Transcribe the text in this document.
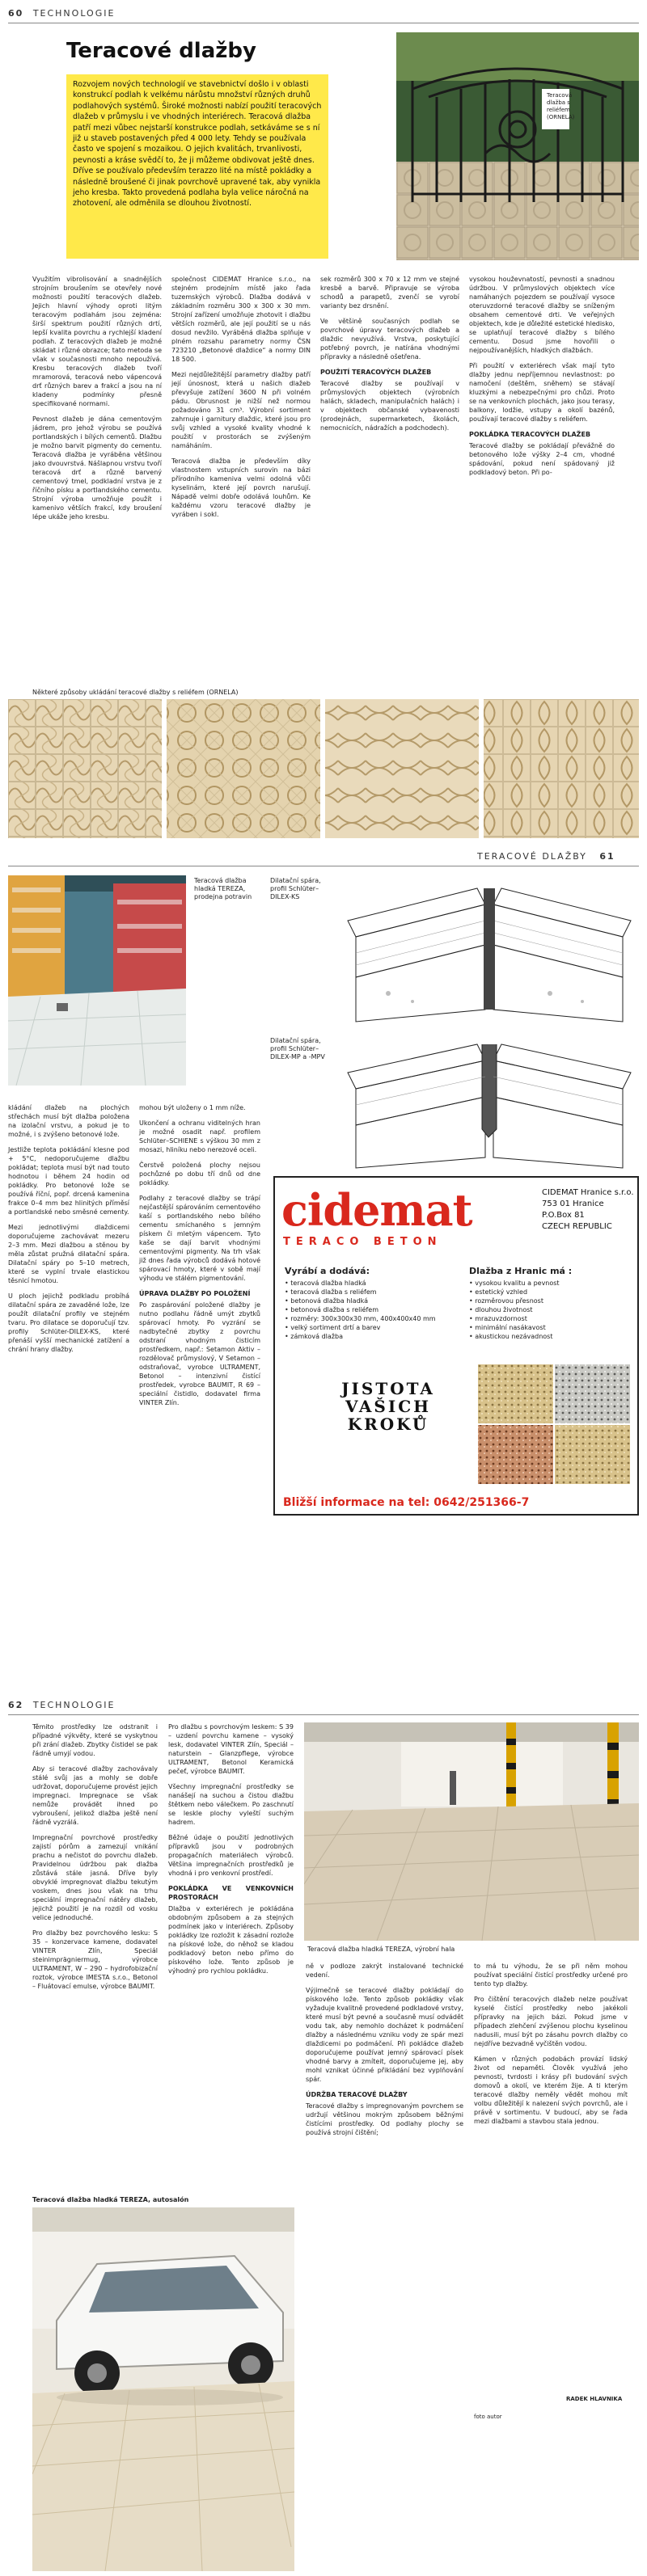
60 TECHNOLOGIE
Teracové dlažby
Rozvojem nových technologií ve stavebnictví došlo i v oblasti konstrukcí podlah k velkému nárůstu množství různých druhů podlahových systémů. Široké možnosti nabízí použití teracových dlažeb v průmyslu i ve vhodných interiérech. Teracová dlažba patří mezi vůbec nejstarší konstrukce podlah, setkáváme se s ní již u staveb postavených před 4 000 lety. Tehdy se používala často ve spojení s mozaikou. O jejich kvalitách, trvanlivosti, pevnosti a kráse svědčí to, že ji můžeme obdivovat ještě dnes. Dříve se používalo především terazzo lité na místě pokládky a následně broušené či jinak povrchově upravené tak, aby vynikla jeho kresba. Takto provedená podlaha byla velice náročná na zhotovení, ale odměnila se dlouhou životností.
Teracová dlažba s reliéfem (ORNELA)

Využitím vibrolisování a snadnějších strojním broušením se otevřely nové možnosti použití teracových dlažeb. Jejich hlavní výhody oproti litým teracovým podlahám jsou zejména: širší spektrum použití různých drtí, lepší kvalita povrchu a rychlejší kladení podlah. Z teracových dlažeb je možné skládat i různé obrazce; tato metoda se však v současnosti mnoho nepoužívá. Kresbu teracových dlažeb tvoří mramorová, teracová nebo vápencová drť různých barev a frakcí a jsou na ní kladeny podmínky přesně specifikované normami.

Pevnost dlažeb je dána cementovým jádrem, pro jehož výrobu se používá portlandských i bílých cementů. Dlažbu je možno barvit pigmenty do cementu. Teracová dlažba je vyráběna většinou jako dvouvrstvá. Nášlapnou vrstvu tvoří teracová drť a různě barvený cementový tmel, podkladní vrstva je z říčního písku a portlandského cementu. Strojní výroba umožňuje použít i kamenivo větších frakcí, kdy broušení lépe ukáže jeho kresbu.

společnost CIDEMAT Hranice s.r.o., na stejném prodejním místě jako řada tuzemských výrobců. Dlažba dodává v základním rozměru 300 x 300 x 30 mm. Strojní zařízení umožňuje zhotovit i dlažbu větších rozměrů, ale její použití se u nás dosud nevžilo. Vyráběná dlažba splňuje v plném rozsahu parametry normy ČSN 723210 „Betonové dlaždice“ a normy DIN 18 500.

Mezi nejdůležitější parametry dlažby patří její únosnost, která u našich dlažeb převyšuje zatížení 3600 N při volném pádu. Obrusnost je nižší než normou požadováno 31 cm³. Výrobní sortiment zahrnuje i garnitury dlaždic, které jsou pro svůj vzhled a vysoké kvality vhodné k použití v prostorách se zvýšeným namáháním.

Teracová dlažba je především díky vlastnostem vstupních surovin na bázi přírodního kameniva velmi odolná vůči kyselinám, které její povrch narušují. Nápadě velmi dobře odolává louhům. Ke každému vzoru teracové dlažby je vyráben i sokl.

sek rozměrů 300 x 70 x 12 mm ve stejné kresbě a barvě. Připravuje se výroba schodů a parapetů, zvenčí se vyrobí varianty bez drsnění.

Ve většině současných podlah se povrchové úpravy teracových dlažeb a dlaždic nevyužívá. Vrstva, poskytující potřebný povrch, je natírána vhodnými přípravky a následně ošetřena.

POUŽITÍ TERACOVÝCH DLAŽEB

Teracové dlažby se používají v průmyslových objektech (výrobních halách, skladech, manipulačních halách) i v objektech občanské vybavenosti (prodejnách, supermarketech, školách, nemocnicích, nádražích a podchodech).

vysokou houževnatostí, pevnosti a snadnou údržbou. V průmyslových objektech více namáhaných pojezdem se používají vysoce oteruvzdorné teracové dlažby se sníženým obsahem cementové drti. Ve veřejných objektech, kde je důležité estetické hledisko, se uplatňují teracové dlažby s bílého cementu. Dosud jsme hovořili o nejpoužívanějších, hladkých dlažbách.

Při použití v exteriérech však mají tyto dlažby jednu nepříjemnou nevlastnost: po namočení (deštěm, sněhem) se stávají kluzkými a nebezpečnými pro chůzi. Proto se na venkovních plochách, jako jsou terasy, balkony, lodžie, vstupy a okolí bazénů, používají teracové dlažby s reliéfem.

POKLÁDKA TERACOVÝCH DLAŽEB

Teracové dlažby se pokládají převážně do betonového lože výšky 2–4 cm, vhodné spádování, pokud není spádovaný již podkladový beton. Při po-

Některé způsoby ukládání teracové dlažby s reliéfem (ORNELA)
TERACOVÉ DLAŽBY 61
Teracová dlažba hladká TEREZA, prodejna potravin
Dilatační spára, profil Schlüter–DILEX-KS
Dilatační spára, profil Schlüter–DILEX-MP a -MPV

kládání dlažeb na plochých střechách musí být dlažba položena na izolační vrstvu, a pokud je to možné, i s zvýšeno betonové lože.

Jestliže teplota pokládání klesne pod + 5°C, nedoporučujeme dlažbu pokládat; teplota musí být nad touto hodnotou i během 24 hodin od pokládky. Pro betonové lože se používá říční, popř. drcená kamenina frakce 0–4 mm bez hlinitých příměsí a portlandské nebo směsné cementy.

Mezi jednotlivými dlaždicemi doporučujeme zachovávat mezeru 2–3 mm. Mezi dlažbou a stěnou by měla zůstat pružná dilatační spára. Dilatační spáry po 5–10 metrech, které se vyplní trvale elastickou těsnicí hmotou.

U ploch jejichž podkladu probíhá dilatační spára ze zavaděné lože, lze použít dilatační profily ve stejném tvaru. Pro dilatace se doporučují tzv. profily Schlüter-DILEX-KS, které přenáší vyšší mechanické zatížení a chrání hrany dlažby.

mohou být uloženy o 1 mm níže.

Ukončení a ochranu viditelných hran je možné osadit např. profilem Schlüter–SCHIENE s výškou 30 mm z mosazi, hliníku nebo nerezové oceli.

Čerstvě položená plochy nejsou pochůzné po dobu tří dnů od dne pokládky.

Podlahy z teracové dlažby se trápí nejčastější spárováním cementového kaší s portlandského nebo bílého cementu smíchaného s jemným pískem či mletým vápencem. Tyto kaše se dají barvit vhodnými cementovými pigmenty. Na trh však již dnes řada výrobců dodává hotové spárovací hmoty, které v sobě mají výhodu ve stálém pigmentování.

ÚPRAVA DLAŽBY PO POLOŽENÍ

Po zaspárování položené dlažby je nutno podlahu řádně umýt zbytků spárovací hmoty. Po vyzrání se nadbytečné zbytky z povrchu odstraní vhodným čisticím prostředkem, např.: Setamon Aktiv – rozdělovač průmyslový, V Setamon – odstraňovač, vyrobce ULTRAMENT, Betonol – intenzivní čistící prostředek, vyrobce BAUMIT, R 69 – speciální čistidlo, dodavatel firma VINTER Zlín.

cidemat
TERACO BETON
CIDEMAT Hranice s.r.o.
753 01 Hranice
P.O.Box 81
CZECH REPUBLIC
Vyrábí a dodává:
• teracová dlažba hladká
• teracová dlažba s reliéfem
• betonová dlažba hladká
• betonová dlažba s reliéfem
• rozměry: 300x300x30 mm, 400x400x40 mm
• velký sortiment drtí a barev
• zámková dlažba
Dlažba z Hranic má :
• vysokou kvalitu a pevnost
• estetický vzhled
• rozměrovou přesnost
• dlouhou životnost
• mrazuvzdornost
• minimální nasákavost
• akustickou nezávadnost
JISTOTA
VAŠICH
KROKŮ
Bližší informace na tel: 0642/251366-7
62 TECHNOLOGIE

Těmito prostředky lze odstranit i případné výkvěty, které se vyskytnou při zrání dlažeb. Zbytky čistidel se pak řádně umyjí vodou.

Aby si teracové dlažby zachovávaly stálé svůj jas a mohly se dobře udržovat, doporučujeme provést jejich impregnaci. Impregnace se však nemůže provádět ihned po vybroušení, jelikož dlažba ještě není řádně vyzrálá.

Impregnační povrchové prostředky zajistí pórům a zamezují vnikání prachu a nečistot do povrchu dlažeb. Pravidelnou údržbou pak dlažba zůstává stále jasná. Dříve byly obvyklé impregnovat dlažbu tekutým voskem, dnes jsou však na trhu speciální impregnační nátěry dlažeb, jejichž použití je na rozdíl od vosku velice jednoduché.

Pro dlažby bez povrchového lesku: S 35 – konzervace kamene, dodavatel VINTER Zlín, Speciál steinimprägniermug, výrobce ULTRAMENT, W – 290 – hydrofobizační roztok, výrobce IMESTA s.r.o., Betonol – Fluátovací emulse, výrobce BAUMIT.

Pro dlažbu s povrchovým leskem: S 39 – uzdení povrchu kamene – vysoký lesk, dodavatel VINTER Zlín, Speciál – naturstein – Glanzpflege, výrobce ULTRAMENT, Betonol Keramická pečeť, výrobce BAUMIT.

Všechny impregnační prostředky se nanášejí na suchou a čistou dlažbu štětkem nebo válečkem. Po zaschnutí se leskle plochy vyleští suchým hadrem.

Běžné údaje o použití jednotlivých přípravků jsou v podrobných propagačních materiálech výrobců. Většina impregnačních prostředků je vhodná i pro venkovní prostředí.

POKLÁDKA VE VENKOVNÍCH PROSTORÁCH

Dlažba v exteriérech je pokládána obdobným způsobem a za stejných podmínek jako v interiérech. Způsoby pokládky lze rozložit k zásadní rozlože na pískové lože, do něhož se kladou podkladový beton nebo přímo do pískového lože. Tento způsob je výhodný pro rychlou pokládku.

Teracová dlažba hladká TEREZA, výrobní hala

ně v podloze zakrýt instalované technické vedení.

Výjimečně se teracové dlažby pokládají do pískového lože. Tento způsob pokládky však vyžaduje kvalitně provedené podkladové vrstvy, které musí být pevné a současně musí odvádět vodu tak, aby nemohlo docházet k podmáčení dlažby a následnému vzniku vody ze spár mezi dlaždicemi po podmáčení. Při pokládce dlažeb doporučujeme používat jemný spárovací písek vhodné barvy a zmíteit, doporučujeme jej, aby mohl vznikat účinné přikládání bez vyplňování spár.

ÚDRŽBA TERACOVÉ DLAŽBY

Teracové dlažby s impregnovaným povrchem se udržují většinou mokrým způsobem běžnými čistícími prostředky. Od podlahy plochy se používá strojní čištění;

to má tu výhodu, že se při něm mohou používat speciální čistící prostředky určené pro tento typ dlažby.

Pro čištění teracových dlažeb nelze používat kyselé čistící prostředky nebo jakékoli přípravky na jejich bázi. Pokud jsme v případech zlehčení zvýšenou plochu kyselinou nadusili, musí být po zásahu povrch dlažby co nejdříve bezvadně vyčištěn vodou.

Kámen v různých podobách provází lidský život od nepaměti. Člověk využívá jeho pevnosti, tvrdosti i krásy při budování svých domovů a okolí, ve kterém žije. A ti kterým teracové dlažby neměly vědět mohou mít volbu důležitějí k nalezení svých povrchů, ale i právě v sortimentu. V budoucí, aby se řada mezi dlažbami a stavbou stala jednou.

RADEK HLAVNIKA
foto autor
Teracová dlažba hladká TEREZA, autosalón
